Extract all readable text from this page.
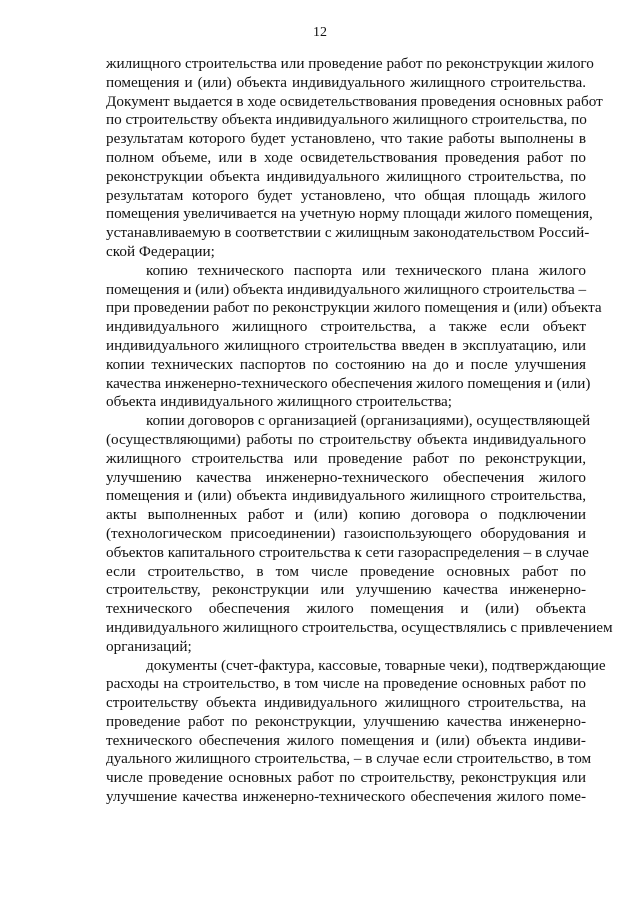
12
жилищного строительства или проведение работ по реконструкции жилого
помещения и (или) объекта индивидуального жилищного строительства.
Документ выдается в ходе освидетельствования проведения основных работ
по строительству объекта индивидуального жилищного строительства, по
результатам которого будет установлено, что такие работы выполнены в
полном объеме, или в ходе освидетельствования проведения работ по
реконструкции объекта индивидуального жилищного строительства, по
результатам которого будет установлено, что общая площадь жилого
помещения увеличивается на учетную норму площади жилого помещения,
устанавливаемую в соответствии с жилищным законодательством Россий-
ской Федерации;
копию технического паспорта или технического плана жилого
помещения и (или) объекта индивидуального жилищного строительства –
при проведении работ по реконструкции жилого помещения и (или) объекта
индивидуального жилищного строительства, а также если объект
индивидуального жилищного строительства введен в эксплуатацию, или
копии технических паспортов по состоянию на до и после улучшения
качества инженерно-технического обеспечения жилого помещения и (или)
объекта индивидуального жилищного строительства;
копии договоров с организацией (организациями), осуществляющей
(осуществляющими) работы по строительству объекта индивидуального
жилищного строительства или проведение работ по реконструкции,
улучшению качества инженерно-технического обеспечения жилого
помещения и (или) объекта индивидуального жилищного строительства,
акты выполненных работ и (или) копию договора о подключении
(технологическом присоединении) газоиспользующего оборудования и
объектов капитального строительства к сети газораспределения – в случае
если строительство, в том числе проведение основных работ по
строительству, реконструкции или улучшению качества инженерно-
технического обеспечения жилого помещения и (или) объекта
индивидуального жилищного строительства, осуществлялись с привлечением
организаций;
документы (счет-фактура, кассовые, товарные чеки), подтверждающие
расходы на строительство, в том числе на проведение основных работ по
строительству объекта индивидуального жилищного строительства, на
проведение работ по реконструкции, улучшению качества инженерно-
технического обеспечения жилого помещения и (или) объекта индиви-
дуального жилищного строительства, – в случае если строительство, в том
числе проведение основных работ по строительству, реконструкция или
улучшение качества инженерно-технического обеспечения жилого поме-
